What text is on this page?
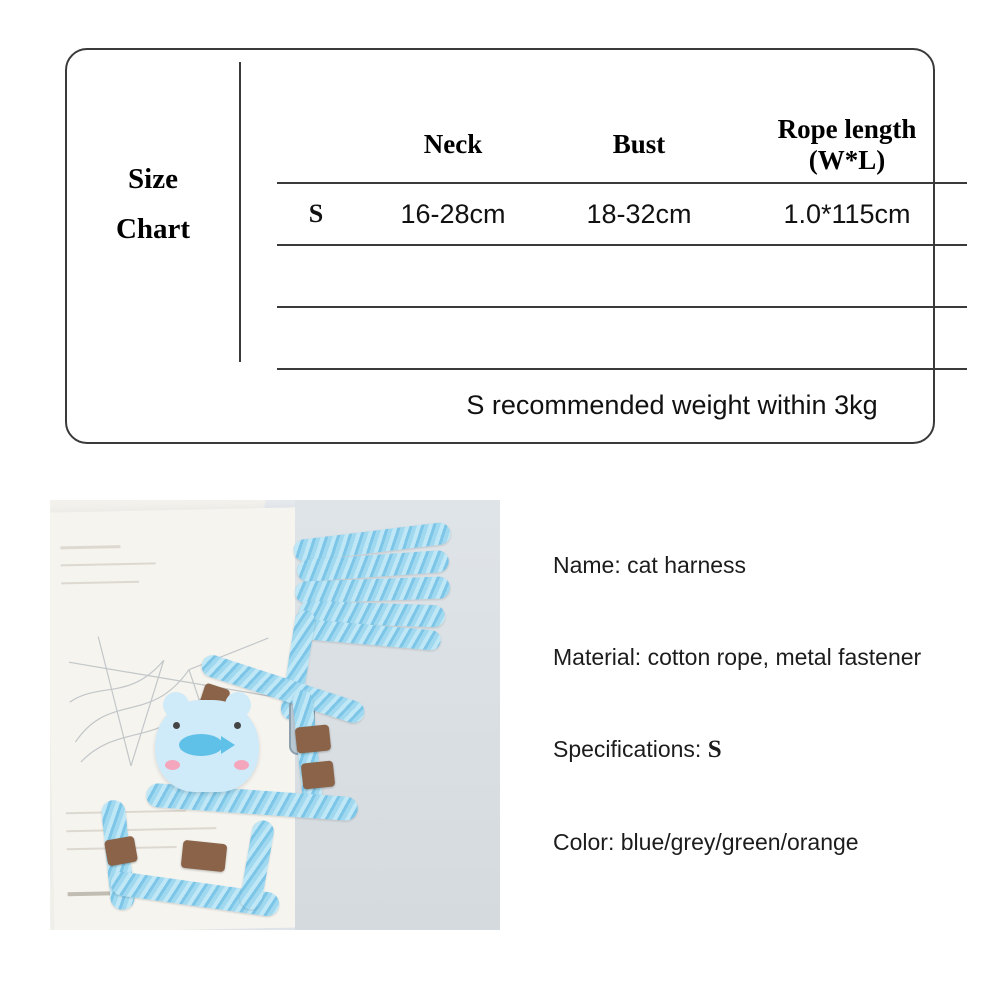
Size
Chart
	Neck	Bust	Rope length
(W*L)

S	16-28cm	18-32cm	1.0*115cm

S recommended weight within 3kg
Name: cat harness
Material: cotton rope, metal fastener
Specifications: S
Color: blue/grey/green/orange
